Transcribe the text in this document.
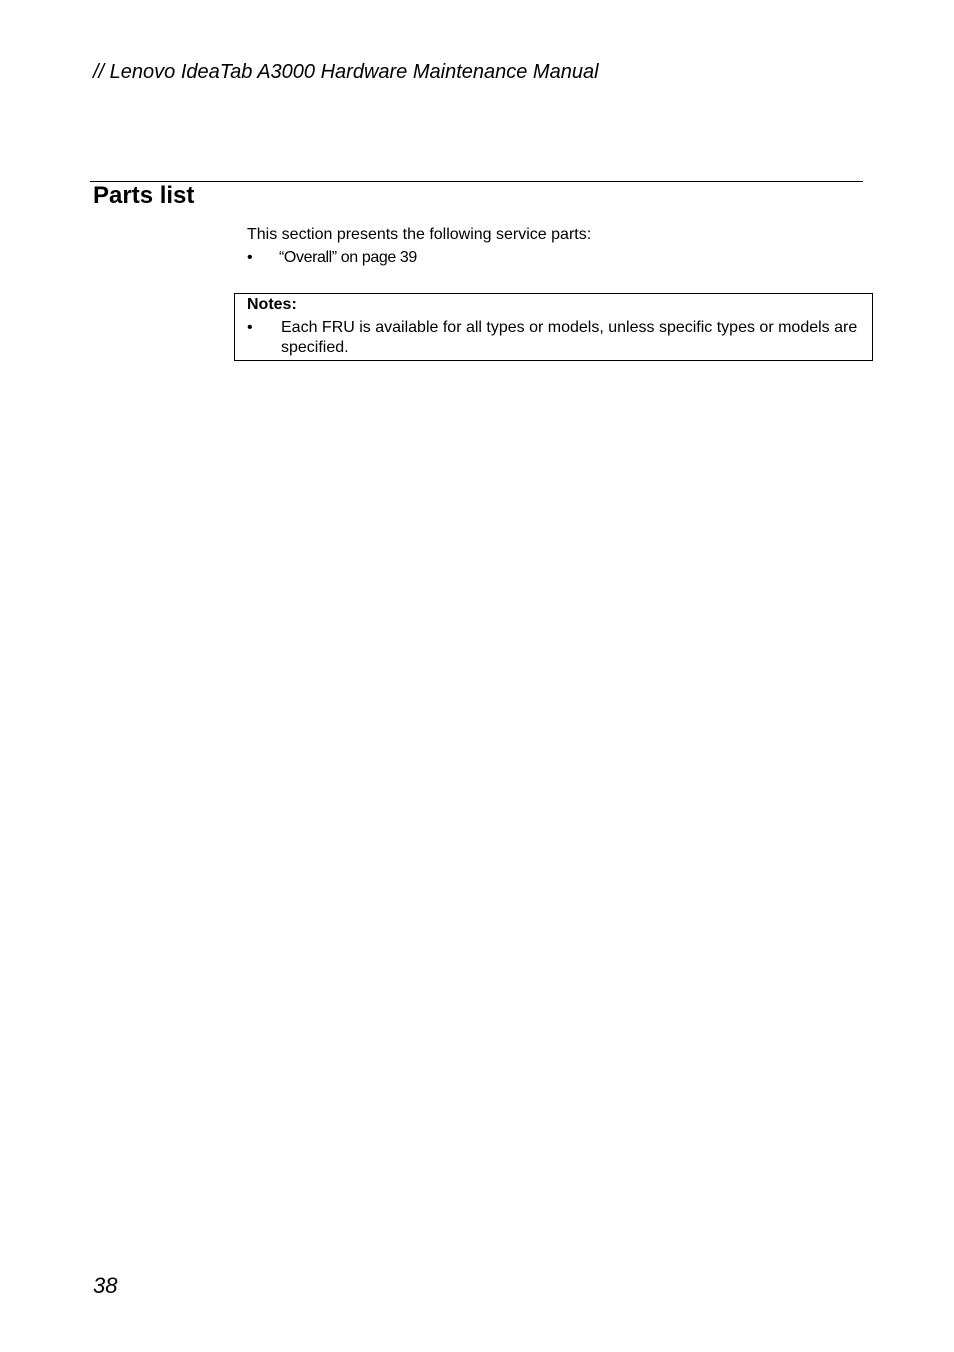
// Lenovo IdeaTab A3000 Hardware Maintenance Manual
Parts list
This section presents the following service parts:
• “Overall” on page 39
Notes:
• Each FRU is available for all types or models, unless specific types or models are specified.
38
